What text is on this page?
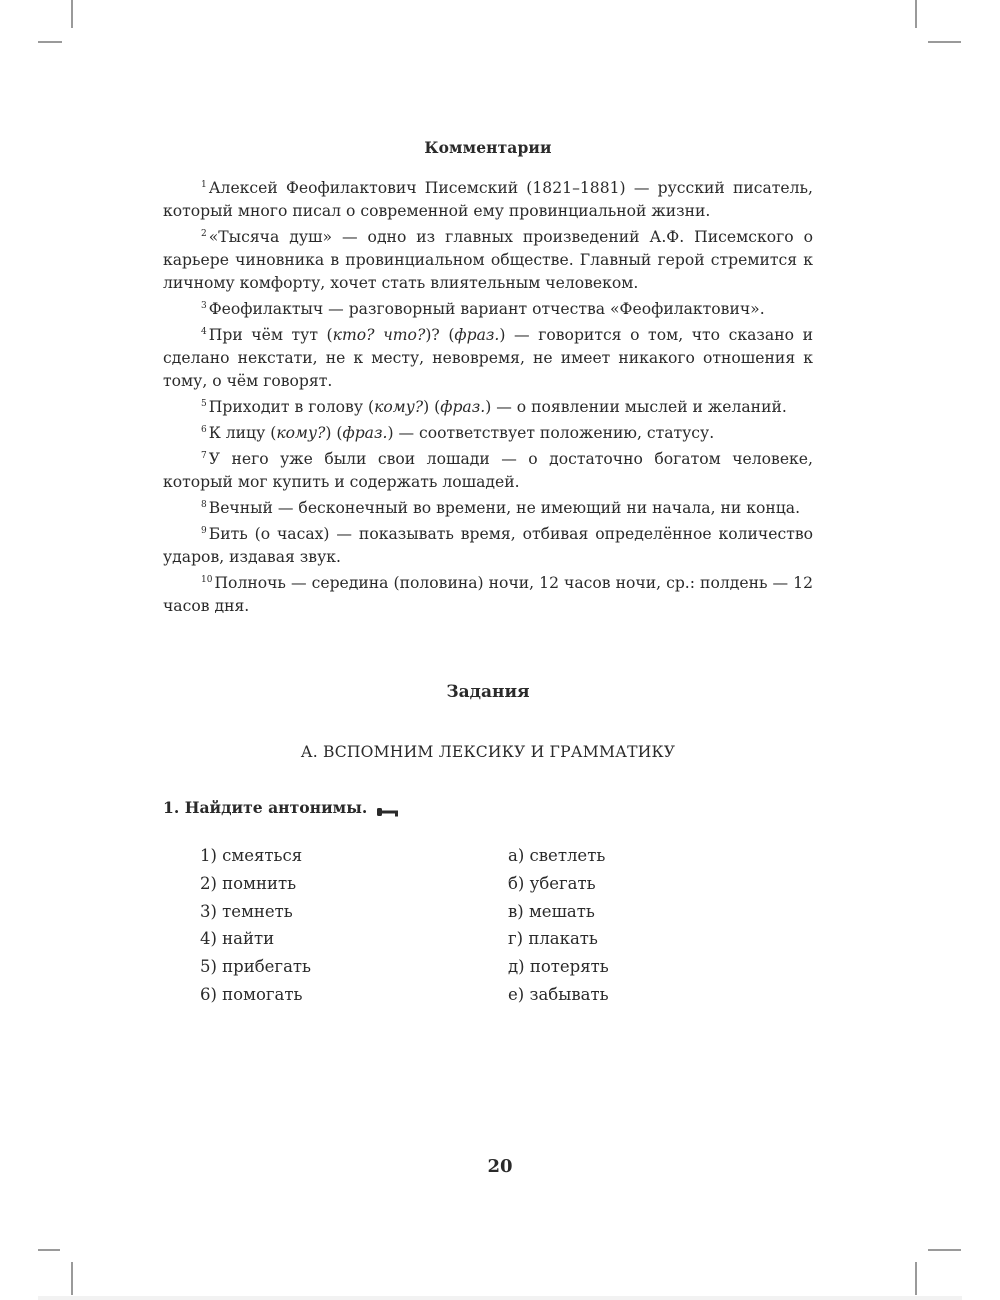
Комментарии

$^1$ Алексей Феофилактович Писемский (1821–1881) — русский писатель, который много писал о современной ему провинциальной жизни.

$^2$ «Тысяча душ» — одно из главных произведений А.Ф. Писемского о карьере чиновника в провинциальном обществе. Главный герой стремится к личному комфорту, хочет стать влиятельным человеком.

$^3$ Феофилактыч — разговорный вариант отчества «Феофилактович».

$^4$ При чём тут (кто? что?)? (фраз.) — говорится о том, что сказано и сделано некстати, не к месту, невовремя, не имеет никакого отношения к тому, о чём говорят.

$^5$ Приходит в голову (кому?) (фраз.) — о появлении мыслей и желаний.

$^6$ К лицу (кому?) (фраз.) — соответствует положению, статусу.

$^7$ У него уже были свои лошади — о достаточно богатом человеке, который мог купить и содержать лошадей.

$^8$ Вечный — бесконечный во времени, не имеющий ни начала, ни конца.

$^9$ Бить (о часах) — показывать время, отбивая определённое количество ударов, издавая звук.

$^{10}$ Полночь — середина (половина) ночи, 12 часов ночи, ср.: полдень — 12 часов дня.

Задания
А. ВСПОМНИМ ЛЕКСИКУ И ГРАММАТИКУ
1. Найдите антонимы.
1) смеяться
2) помнить
3) темнеть
4) найти
5) прибегать
6) помогать
а) светлеть
б) убегать
в) мешать
г) плакать
д) потерять
е) забывать
20
